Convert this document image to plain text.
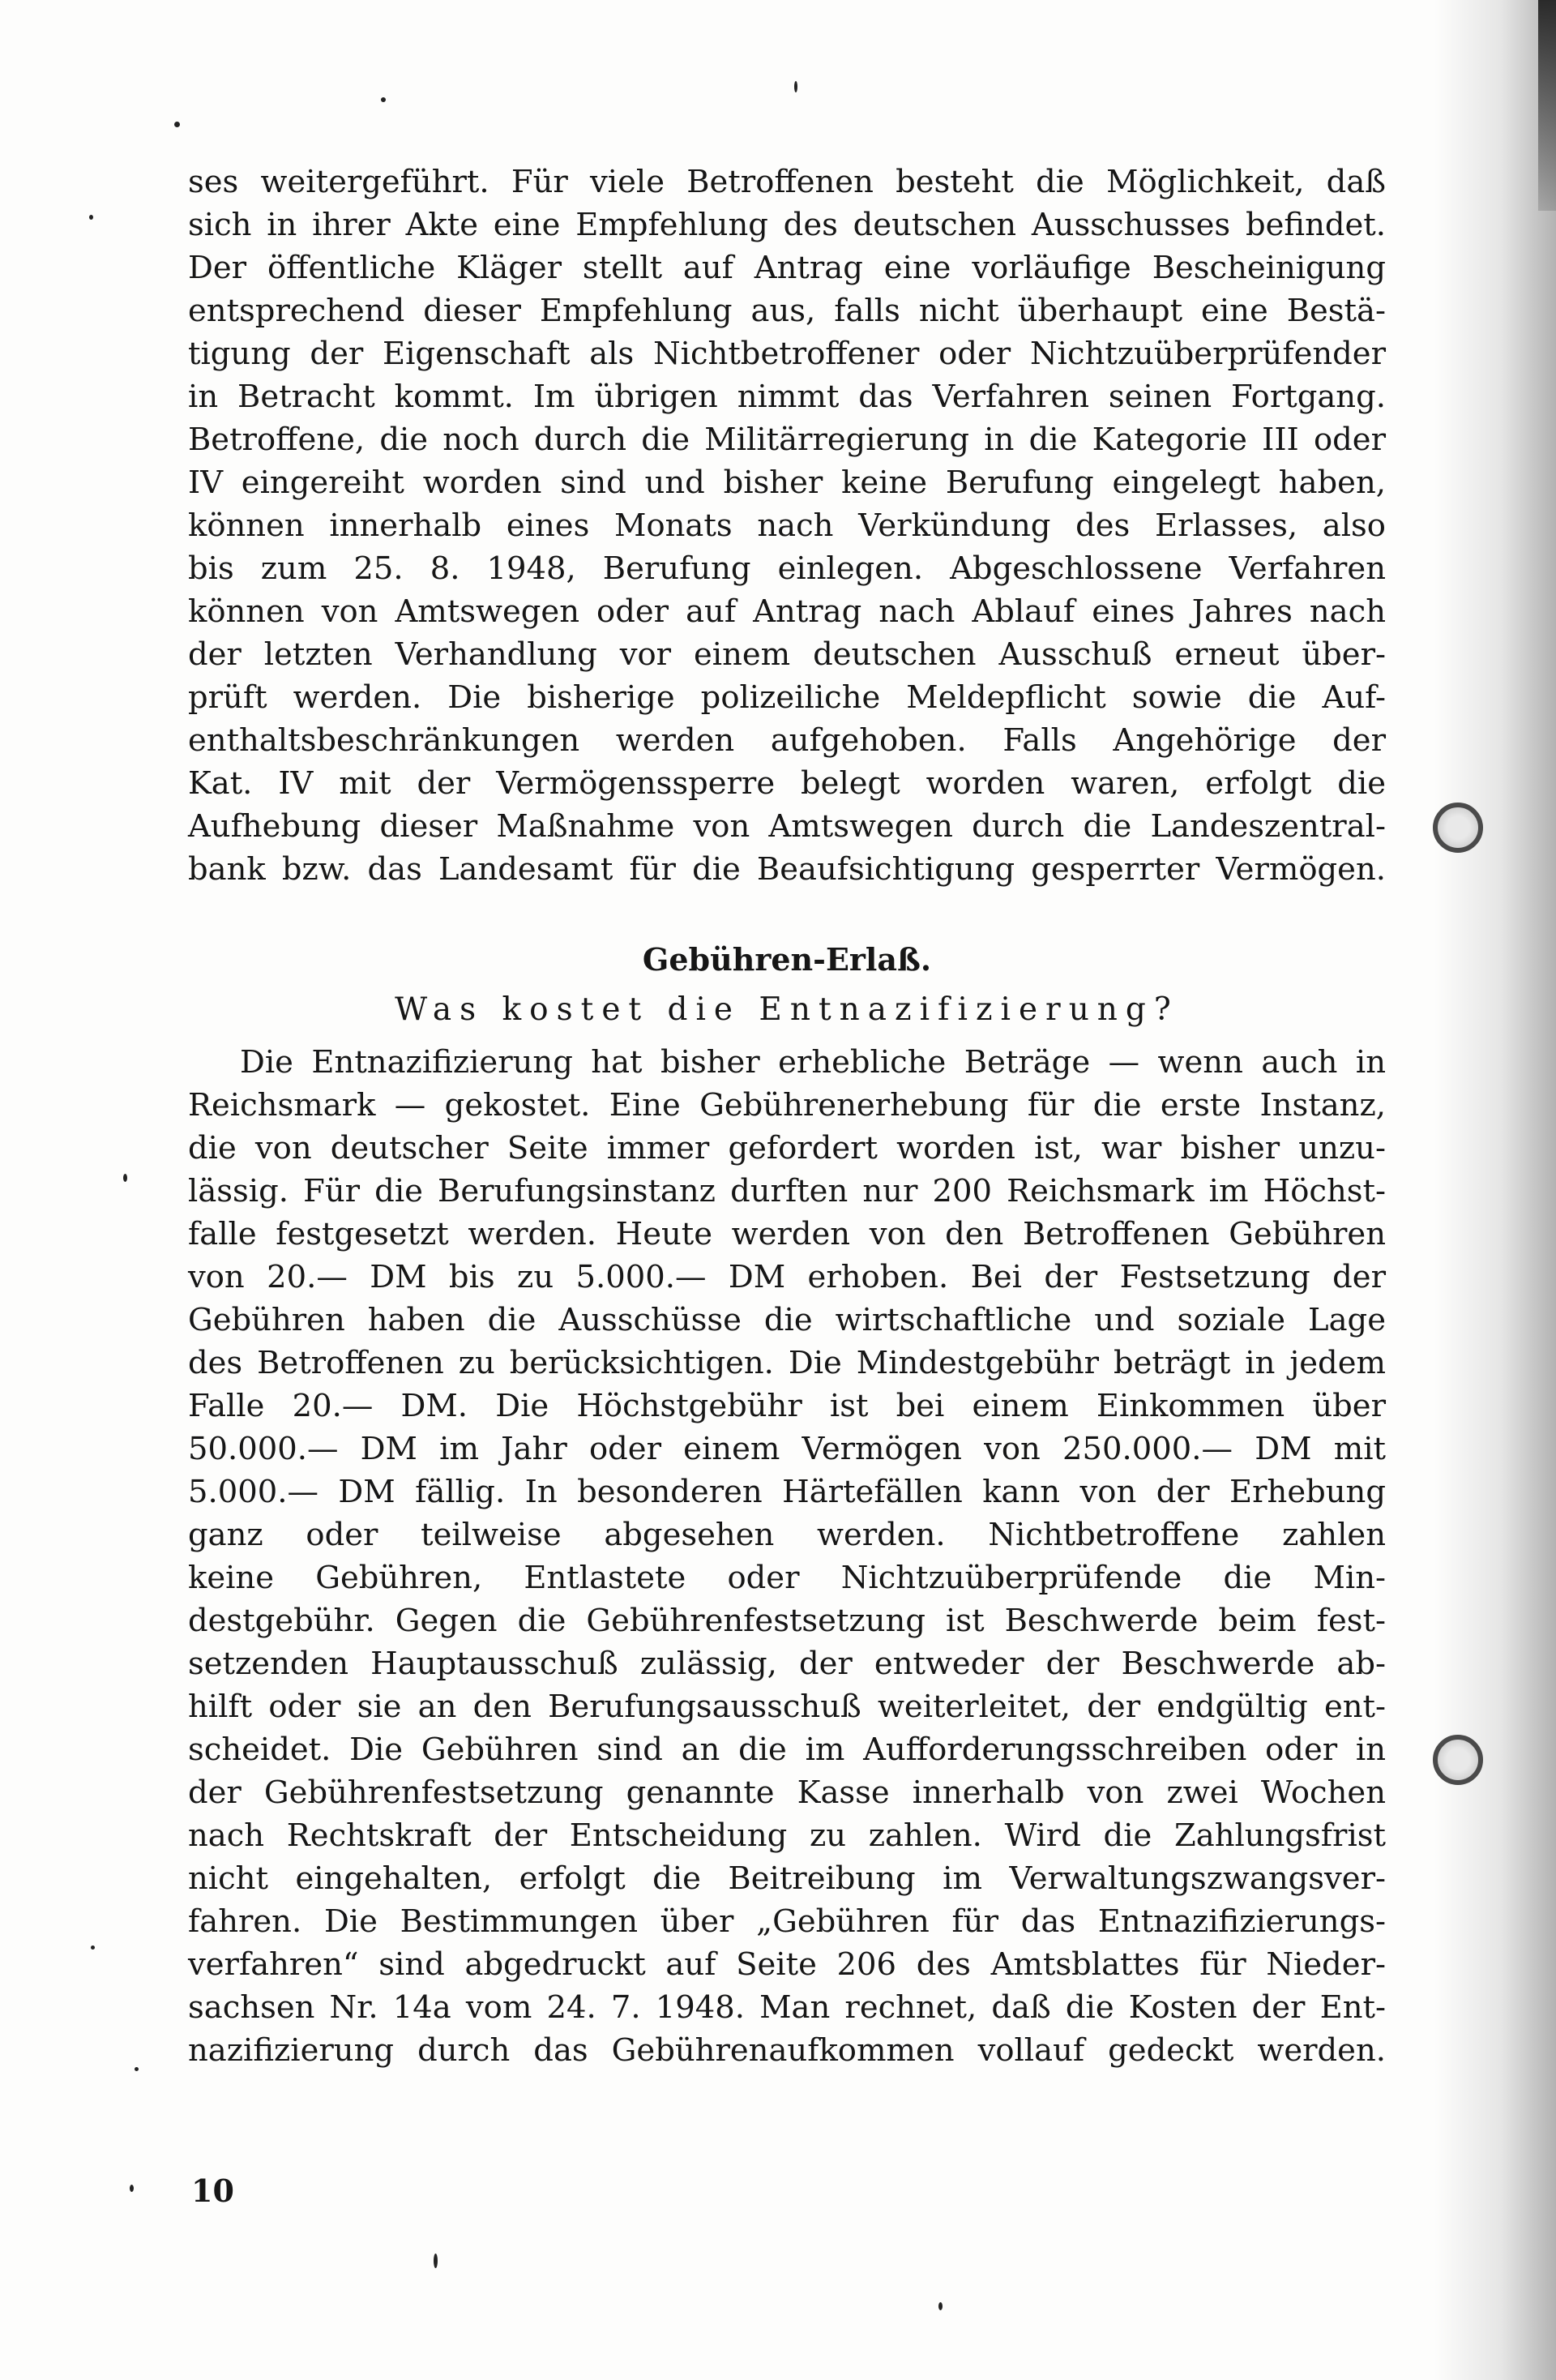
ses weitergeführt. Für viele Betroffenen besteht die Möglichkeit, daß
sich in ihrer Akte eine Empfehlung des deutschen Ausschusses befindet.
Der öffentliche Kläger stellt auf Antrag eine vorläufige Bescheinigung
entsprechend dieser Empfehlung aus, falls nicht überhaupt eine Bestä-
tigung der Eigenschaft als Nichtbetroffener oder Nichtzuüberprüfender
in Betracht kommt. Im übrigen nimmt das Verfahren seinen Fortgang.
Betroffene, die noch durch die Militärregierung in die Kategorie III oder
IV eingereiht worden sind und bisher keine Berufung eingelegt haben,
können innerhalb eines Monats nach Verkündung des Erlasses, also
bis zum 25. 8. 1948, Berufung einlegen. Abgeschlossene Verfahren
können von Amtswegen oder auf Antrag nach Ablauf eines Jahres nach
der letzten Verhandlung vor einem deutschen Ausschuß erneut über-
prüft werden. Die bisherige polizeiliche Meldepflicht sowie die Auf-
enthaltsbeschränkungen werden aufgehoben. Falls Angehörige der
Kat. IV mit der Vermögenssperre belegt worden waren, erfolgt die
Aufhebung dieser Maßnahme von Amtswegen durch die Landeszentral-
bank bzw. das Landesamt für die Beaufsichtigung gesperrter Vermögen.
Gebühren-Erlaß.
Was kostet die Entnazifizierung?
Die Entnazifizierung hat bisher erhebliche Beträge — wenn auch in
Reichsmark — gekostet. Eine Gebührenerhebung für die erste Instanz,
die von deutscher Seite immer gefordert worden ist, war bisher unzu-
lässig. Für die Berufungsinstanz durften nur 200 Reichsmark im Höchst-
falle festgesetzt werden. Heute werden von den Betroffenen Gebühren
von 20.— DM bis zu 5.000.— DM erhoben. Bei der Festsetzung der
Gebühren haben die Ausschüsse die wirtschaftliche und soziale Lage
des Betroffenen zu berücksichtigen. Die Mindestgebühr beträgt in jedem
Falle 20.— DM. Die Höchstgebühr ist bei einem Einkommen über
50.000.— DM im Jahr oder einem Vermögen von 250.000.— DM mit
5.000.— DM fällig. In besonderen Härtefällen kann von der Erhebung
ganz oder teilweise abgesehen werden. Nichtbetroffene zahlen
keine Gebühren, Entlastete oder Nichtzuüberprüfende die Min-
destgebühr. Gegen die Gebührenfestsetzung ist Beschwerde beim fest-
setzenden Hauptausschuß zulässig, der entweder der Beschwerde ab-
hilft oder sie an den Berufungsausschuß weiterleitet, der endgültig ent-
scheidet. Die Gebühren sind an die im Aufforderungsschreiben oder in
der Gebührenfestsetzung genannte Kasse innerhalb von zwei Wochen
nach Rechtskraft der Entscheidung zu zahlen. Wird die Zahlungsfrist
nicht eingehalten, erfolgt die Beitreibung im Verwaltungszwangsver-
fahren. Die Bestimmungen über „Gebühren für das Entnazifizierungs-
verfahren“ sind abgedruckt auf Seite 206 des Amtsblattes für Nieder-
sachsen Nr. 14a vom 24. 7. 1948. Man rechnet, daß die Kosten der Ent-
nazifizierung durch das Gebührenaufkommen vollauf gedeckt werden.
10
